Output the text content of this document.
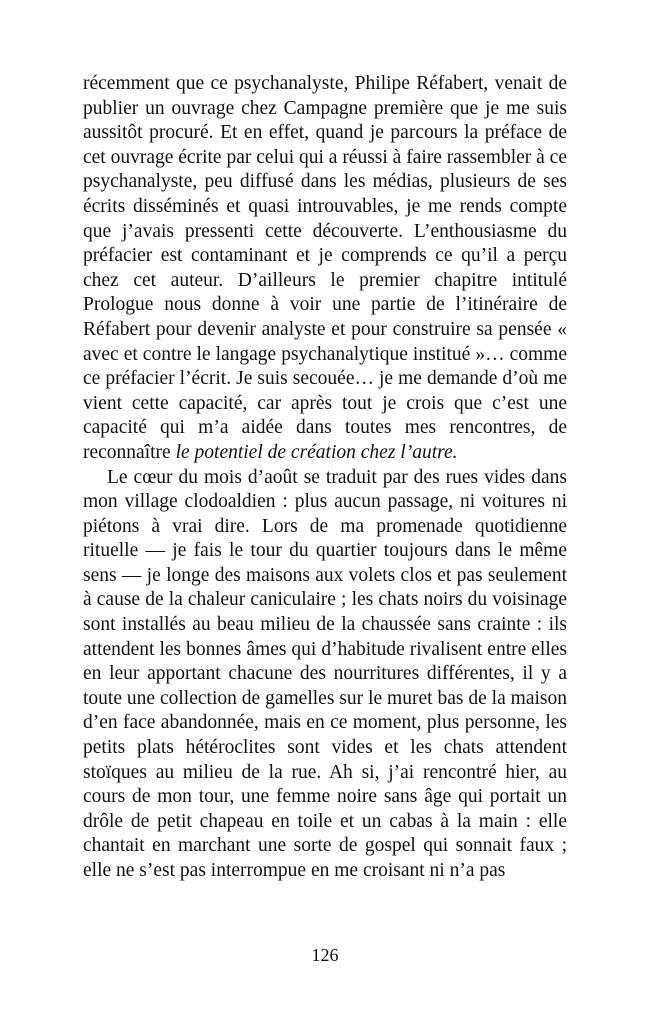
récemment que ce psychanalyste, Philipe Réfabert, venait de publier un ouvrage chez Campagne première que je me suis aussitôt procuré. Et en effet, quand je parcours la préface de cet ouvrage écrite par celui qui a réussi à faire rassembler à ce psychanalyste, peu diffusé dans les médias, plusieurs de ses écrits disséminés et quasi introuvables, je me rends compte que j’avais pressenti cette découverte. L’enthousiasme du préfacier est contaminant et je comprends ce qu’il a perçu chez cet auteur. D’ailleurs le premier chapitre intitulé Prologue nous donne à voir une partie de l’itinéraire de Réfabert pour devenir analyste et pour construire sa pensée « avec et contre le langage psychanalytique institué »… comme ce préfacier l’écrit. Je suis secouée… je me demande d’où me vient cette capacité, car après tout je crois que c’est une capacité qui m’a aidée dans toutes mes rencontres, de reconnaître le potentiel de création chez l’autre.

Le cœur du mois d’août se traduit par des rues vides dans mon village clodoaldien : plus aucun passage, ni voitures ni piétons à vrai dire. Lors de ma promenade quotidienne rituelle — je fais le tour du quartier toujours dans le même sens — je longe des maisons aux volets clos et pas seulement à cause de la chaleur caniculaire ; les chats noirs du voisinage sont installés au beau milieu de la chaussée sans crainte : ils attendent les bonnes âmes qui d’habitude rivalisent entre elles en leur apportant chacune des nourritures différentes, il y a toute une collection de gamelles sur le muret bas de la maison d’en face abandonnée, mais en ce moment, plus personne, les petits plats hétéroclites sont vides et les chats attendent stoïques au milieu de la rue. Ah si, j’ai rencontré hier, au cours de mon tour, une femme noire sans âge qui portait un drôle de petit chapeau en toile et un cabas à la main : elle chantait en marchant une sorte de gospel qui sonnait faux ; elle ne s’est pas interrompue en me croisant ni n’a pas

126
